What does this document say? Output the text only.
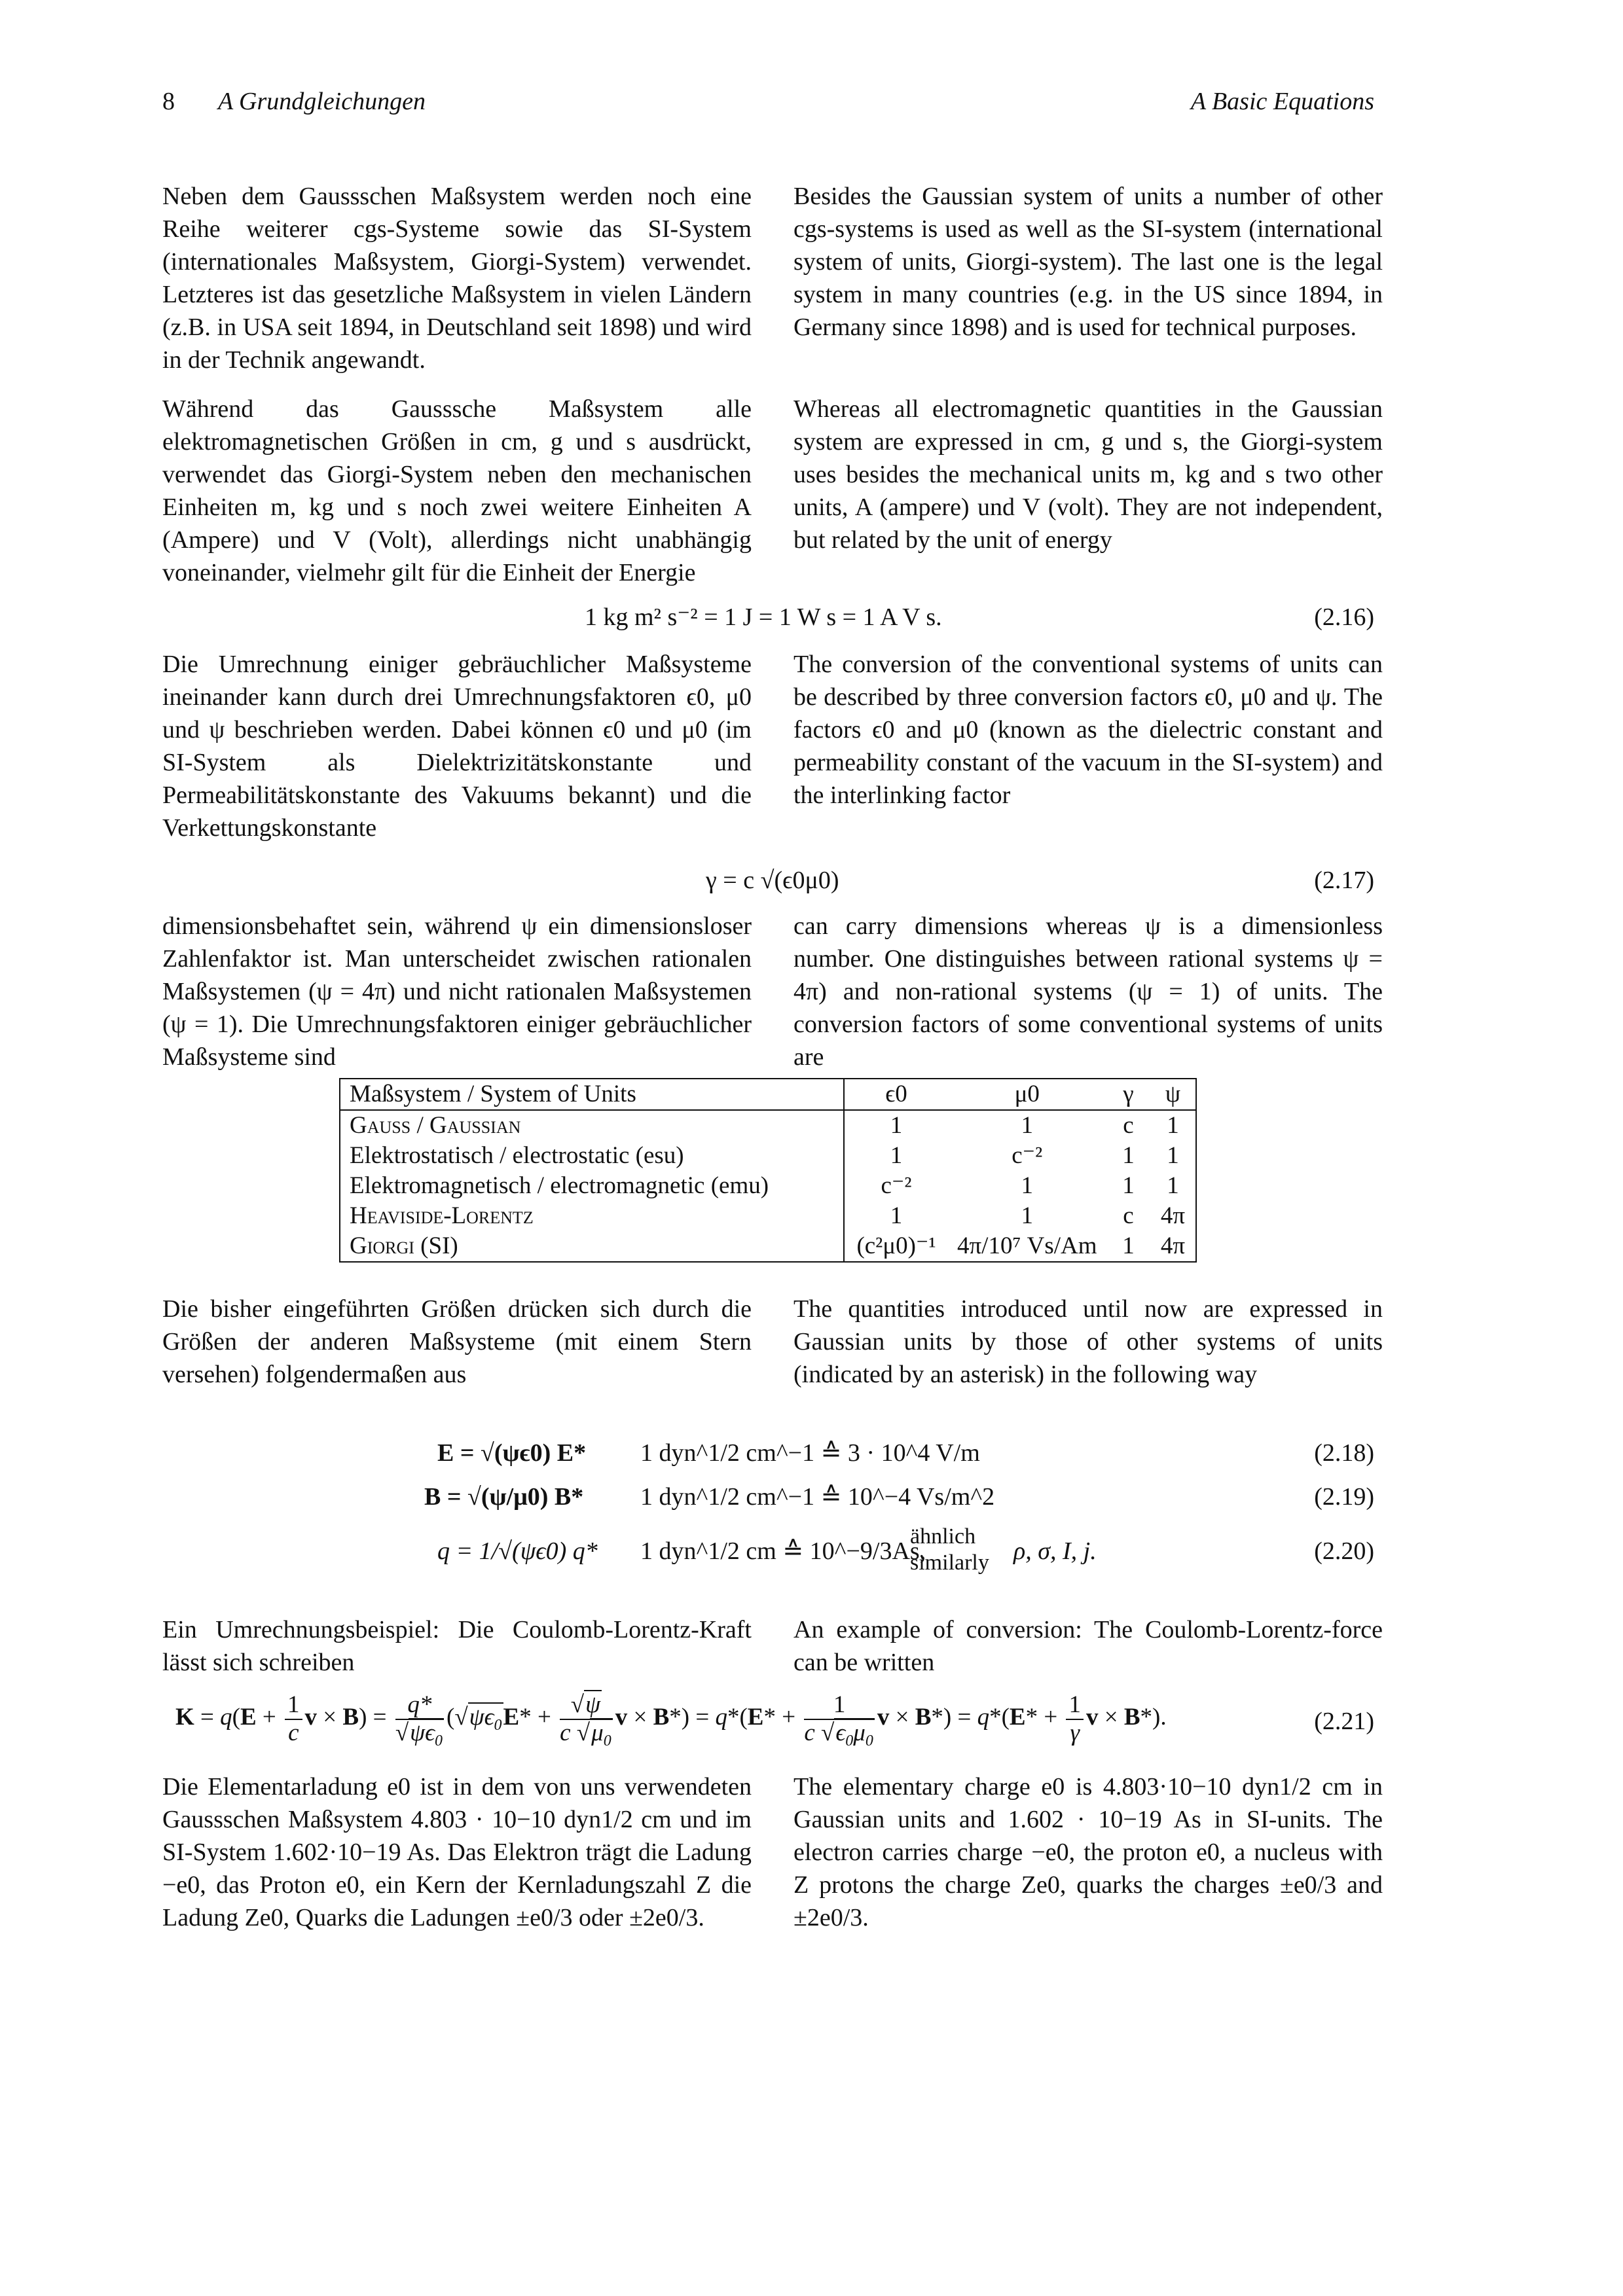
8 A Grundgleichungen	A Basic Equations
Neben dem Gaussschen Maßsystem werden noch eine Reihe weiterer cgs-Systeme sowie das SI-System (internationales Maßsystem, Giorgi-System) verwendet. Letzteres ist das gesetzliche Maßsystem in vielen Ländern (z.B. in USA seit 1894, in Deutschland seit 1898) und wird in der Technik angewandt.
Besides the Gaussian system of units a number of other cgs-systems is used as well as the SI-system (international system of units, Giorgi-system). The last one is the legal system in many countries (e.g. in the US since 1894, in Germany since 1898) and is used for technical purposes.
Während das Gausssche Maßsystem alle elektromagnetischen Größen in cm, g und s ausdrückt, verwendet das Giorgi-System neben den mechanischen Einheiten m, kg und s noch zwei weitere Einheiten A (Ampere) und V (Volt), allerdings nicht unabhängig voneinander, vielmehr gilt für die Einheit der Energie
Whereas all electromagnetic quantities in the Gaussian system are expressed in cm, g und s, the Giorgi-system uses besides the mechanical units m, kg and s two other units, A (ampere) und V (volt). They are not independent, but related by the unit of energy
1 kg m² s⁻² = 1 J = 1 W s = 1 A V s.	(2.16)
Die Umrechnung einiger gebräuchlicher Maßsysteme ineinander kann durch drei Umrechnungsfaktoren ϵ0, μ0 und ψ beschrieben werden. Dabei können ϵ0 und μ0 (im SI-System als Dielektrizitätskonstante und Permeabilitätskonstante des Vakuums bekannt) und die Verkettungskonstante
The conversion of the conventional systems of units can be described by three conversion factors ϵ0, μ0 and ψ. The factors ϵ0 and μ0 (known as the dielectric constant and permeability constant of the vacuum in the SI-system) and the interlinking factor
γ = c √(ϵ0μ0)	(2.17)
dimensionsbehaftet sein, während ψ ein dimensionsloser Zahlenfaktor ist. Man unterscheidet zwischen rationalen Maßsystemen (ψ = 4π) und nicht rationalen Maßsystemen (ψ = 1). Die Umrechnungsfaktoren einiger gebräuchlicher Maßsysteme sind
can carry dimensions whereas ψ is a dimensionless number. One distinguishes between rational systems ψ = 4π) and non-rational systems (ψ = 1) of units. The conversion factors of some conventional systems of units are
Maßsystem / System of Units	ϵ0	μ0	γ	ψ
Gauss / Gaussian	1	1	c	1
Elektrostatisch / electrostatic (esu)	1	c⁻²	1	1
Elektromagnetisch / electromagnetic (emu)	c⁻²	1	1	1
Heaviside-Lorentz	1	1	c	4π
Giorgi (SI)	(c²μ0)⁻¹	4π/10⁷ Vs/Am	1	4π
Die bisher eingeführten Größen drücken sich durch die Größen der anderen Maßsysteme (mit einem Stern versehen) folgendermaßen aus
The quantities introduced until now are expressed in Gaussian units by those of other systems of units (indicated by an asterisk) in the following way
E = √(ψϵ0) E* 1 dyn^1/2 cm^−1 ≙ 3 · 10^4 V/m	(2.18)
B = √(ψ/μ0) B* 1 dyn^1/2 cm^−1 ≙ 10^−4 Vs/m^2	(2.19)
q = 1/√(ψϵ0) q* 1 dyn^1/2 cm ≙ 10^−9/3As,
ähnlich
similarly ρ, σ, I, j.	(2.20)
Ein Umrechnungsbeispiel: Die Coulomb-Lorentz-Kraft lässt sich schreiben
An example of conversion: The Coulomb-Lorentz-force can be written
$K = q(E + \frac{1}{c}$ v × B) = q*
√ $\psi\epsilon_0$ ( √ $\psi\epsilon_0E*$ + √ $\frac{\psi}{c √ \mu_0}$ $v \times B*) = q*(E* + \frac{1}{c √ \epsilon_0\mu_0}$ $v \times B*) = q*(E* + \frac{1}{\gamma}$ v × B*).	(2.21)
Die Elementarladung e0 ist in dem von uns verwendeten Gaussschen Maßsystem 4.803 · 10−10 dyn1/2 cm und im SI-System 1.602·10−19 As. Das Elektron trägt die Ladung −e0, das Proton e0, ein Kern der Kernladungszahl Z die Ladung Ze0, Quarks die Ladungen ±e0/3 oder ±2e0/3.
The elementary charge e0 is 4.803·10−10 dyn1/2 cm in Gaussian units and 1.602 · 10−19 As in SI-units. The electron carries charge −e0, the proton e0, a nucleus with Z protons the charge Ze0, quarks the charges ±e0/3 and ±2e0/3.
